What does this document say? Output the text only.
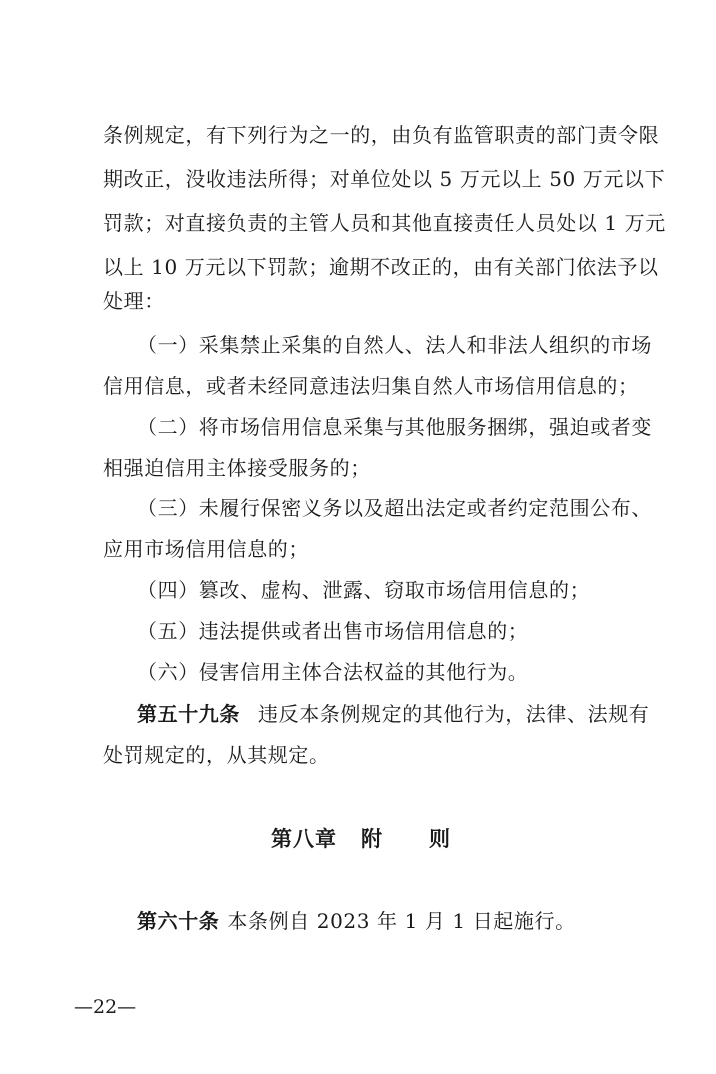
条例规定，有下列行为之一的，由负有监管职责的部门责令限
期改正，没收违法所得；对单位处以 5 万元以上 50 万元以下
罚款；对直接负责的主管人员和其他直接责任人员处以 1 万元
以上 10 万元以下罚款；逾期不改正的，由有关部门依法予以
处理：
（一）采集禁止采集的自然人、法人和非法人组织的市场
信用信息，或者未经同意违法归集自然人市场信用信息的；
（二）将市场信用信息采集与其他服务捆绑，强迫或者变
相强迫信用主体接受服务的；
（三）未履行保密义务以及超出法定或者约定范围公布、
应用市场信用信息的；
（四）篡改、虚构、泄露、窃取市场信用信息的；
（五）违法提供或者出售市场信用信息的；
（六）侵害信用主体合法权益的其他行为。
第五十九条 违反本条例规定的其他行为，法律、法规有
处罚规定的，从其规定。
第八章 附 则
第六十条 本条例自 2023 年 1 月 1 日起施行。
—22—
